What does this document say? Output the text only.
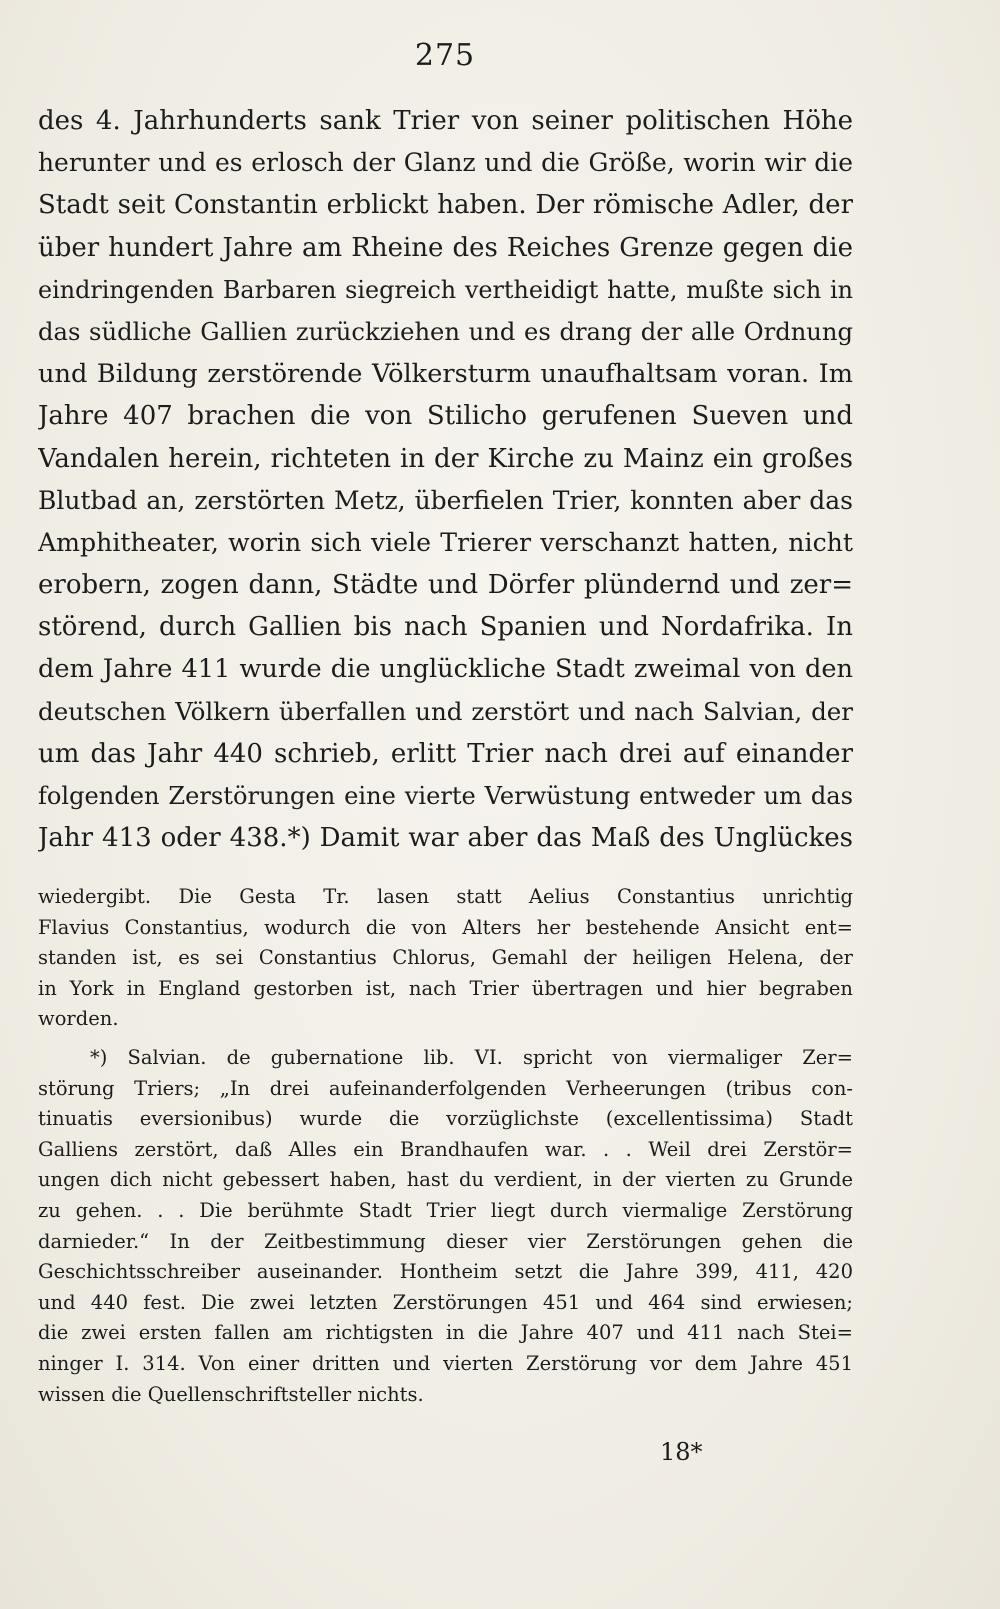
275
des 4. Jahrhunderts sank Trier von seiner politischen Höhe
herunter und es erlosch der Glanz und die Größe, worin wir die
Stadt seit Constantin erblickt haben. Der römische Adler, der
über hundert Jahre am Rheine des Reiches Grenze gegen die
eindringenden Barbaren siegreich vertheidigt hatte, mußte sich in
das südliche Gallien zurückziehen und es drang der alle Ordnung
und Bildung zerstörende Völkersturm unaufhaltsam voran. Im
Jahre 407 brachen die von Stilicho gerufenen Sueven und
Vandalen herein, richteten in der Kirche zu Mainz ein großes
Blutbad an, zerstörten Metz, überfielen Trier, konnten aber das
Amphitheater, worin sich viele Trierer verschanzt hatten, nicht
erobern, zogen dann, Städte und Dörfer plündernd und zer=
störend, durch Gallien bis nach Spanien und Nordafrika. In
dem Jahre 411 wurde die unglückliche Stadt zweimal von den
deutschen Völkern überfallen und zerstört und nach Salvian, der
um das Jahr 440 schrieb, erlitt Trier nach drei auf einander
folgenden Zerstörungen eine vierte Verwüstung entweder um das
Jahr 413 oder 438.*) Damit war aber das Maß des Unglückes
wiedergibt. Die Gesta Tr. lasen statt Aelius Constantius unrichtig
Flavius Constantius, wodurch die von Alters her bestehende Ansicht ent=
standen ist, es sei Constantius Chlorus, Gemahl der heiligen Helena, der
in York in England gestorben ist, nach Trier übertragen und hier begraben
worden.
*) Salvian. de gubernatione lib. VI. spricht von viermaliger Zer=
störung Triers; „In drei aufeinanderfolgenden Verheerungen (tribus con-
tinuatis eversionibus) wurde die vorzüglichste (excellentissima) Stadt
Galliens zerstört, daß Alles ein Brandhaufen war. . . Weil drei Zerstör=
ungen dich nicht gebessert haben, hast du verdient, in der vierten zu Grunde
zu gehen. . . Die berühmte Stadt Trier liegt durch viermalige Zerstörung
darnieder.“ In der Zeitbestimmung dieser vier Zerstörungen gehen die
Geschichtsschreiber auseinander. Hontheim setzt die Jahre 399, 411, 420
und 440 fest. Die zwei letzten Zerstörungen 451 und 464 sind erwiesen;
die zwei ersten fallen am richtigsten in die Jahre 407 und 411 nach Stei=
ninger I. 314. Von einer dritten und vierten Zerstörung vor dem Jahre 451
wissen die Quellenschriftsteller nichts.
18*
